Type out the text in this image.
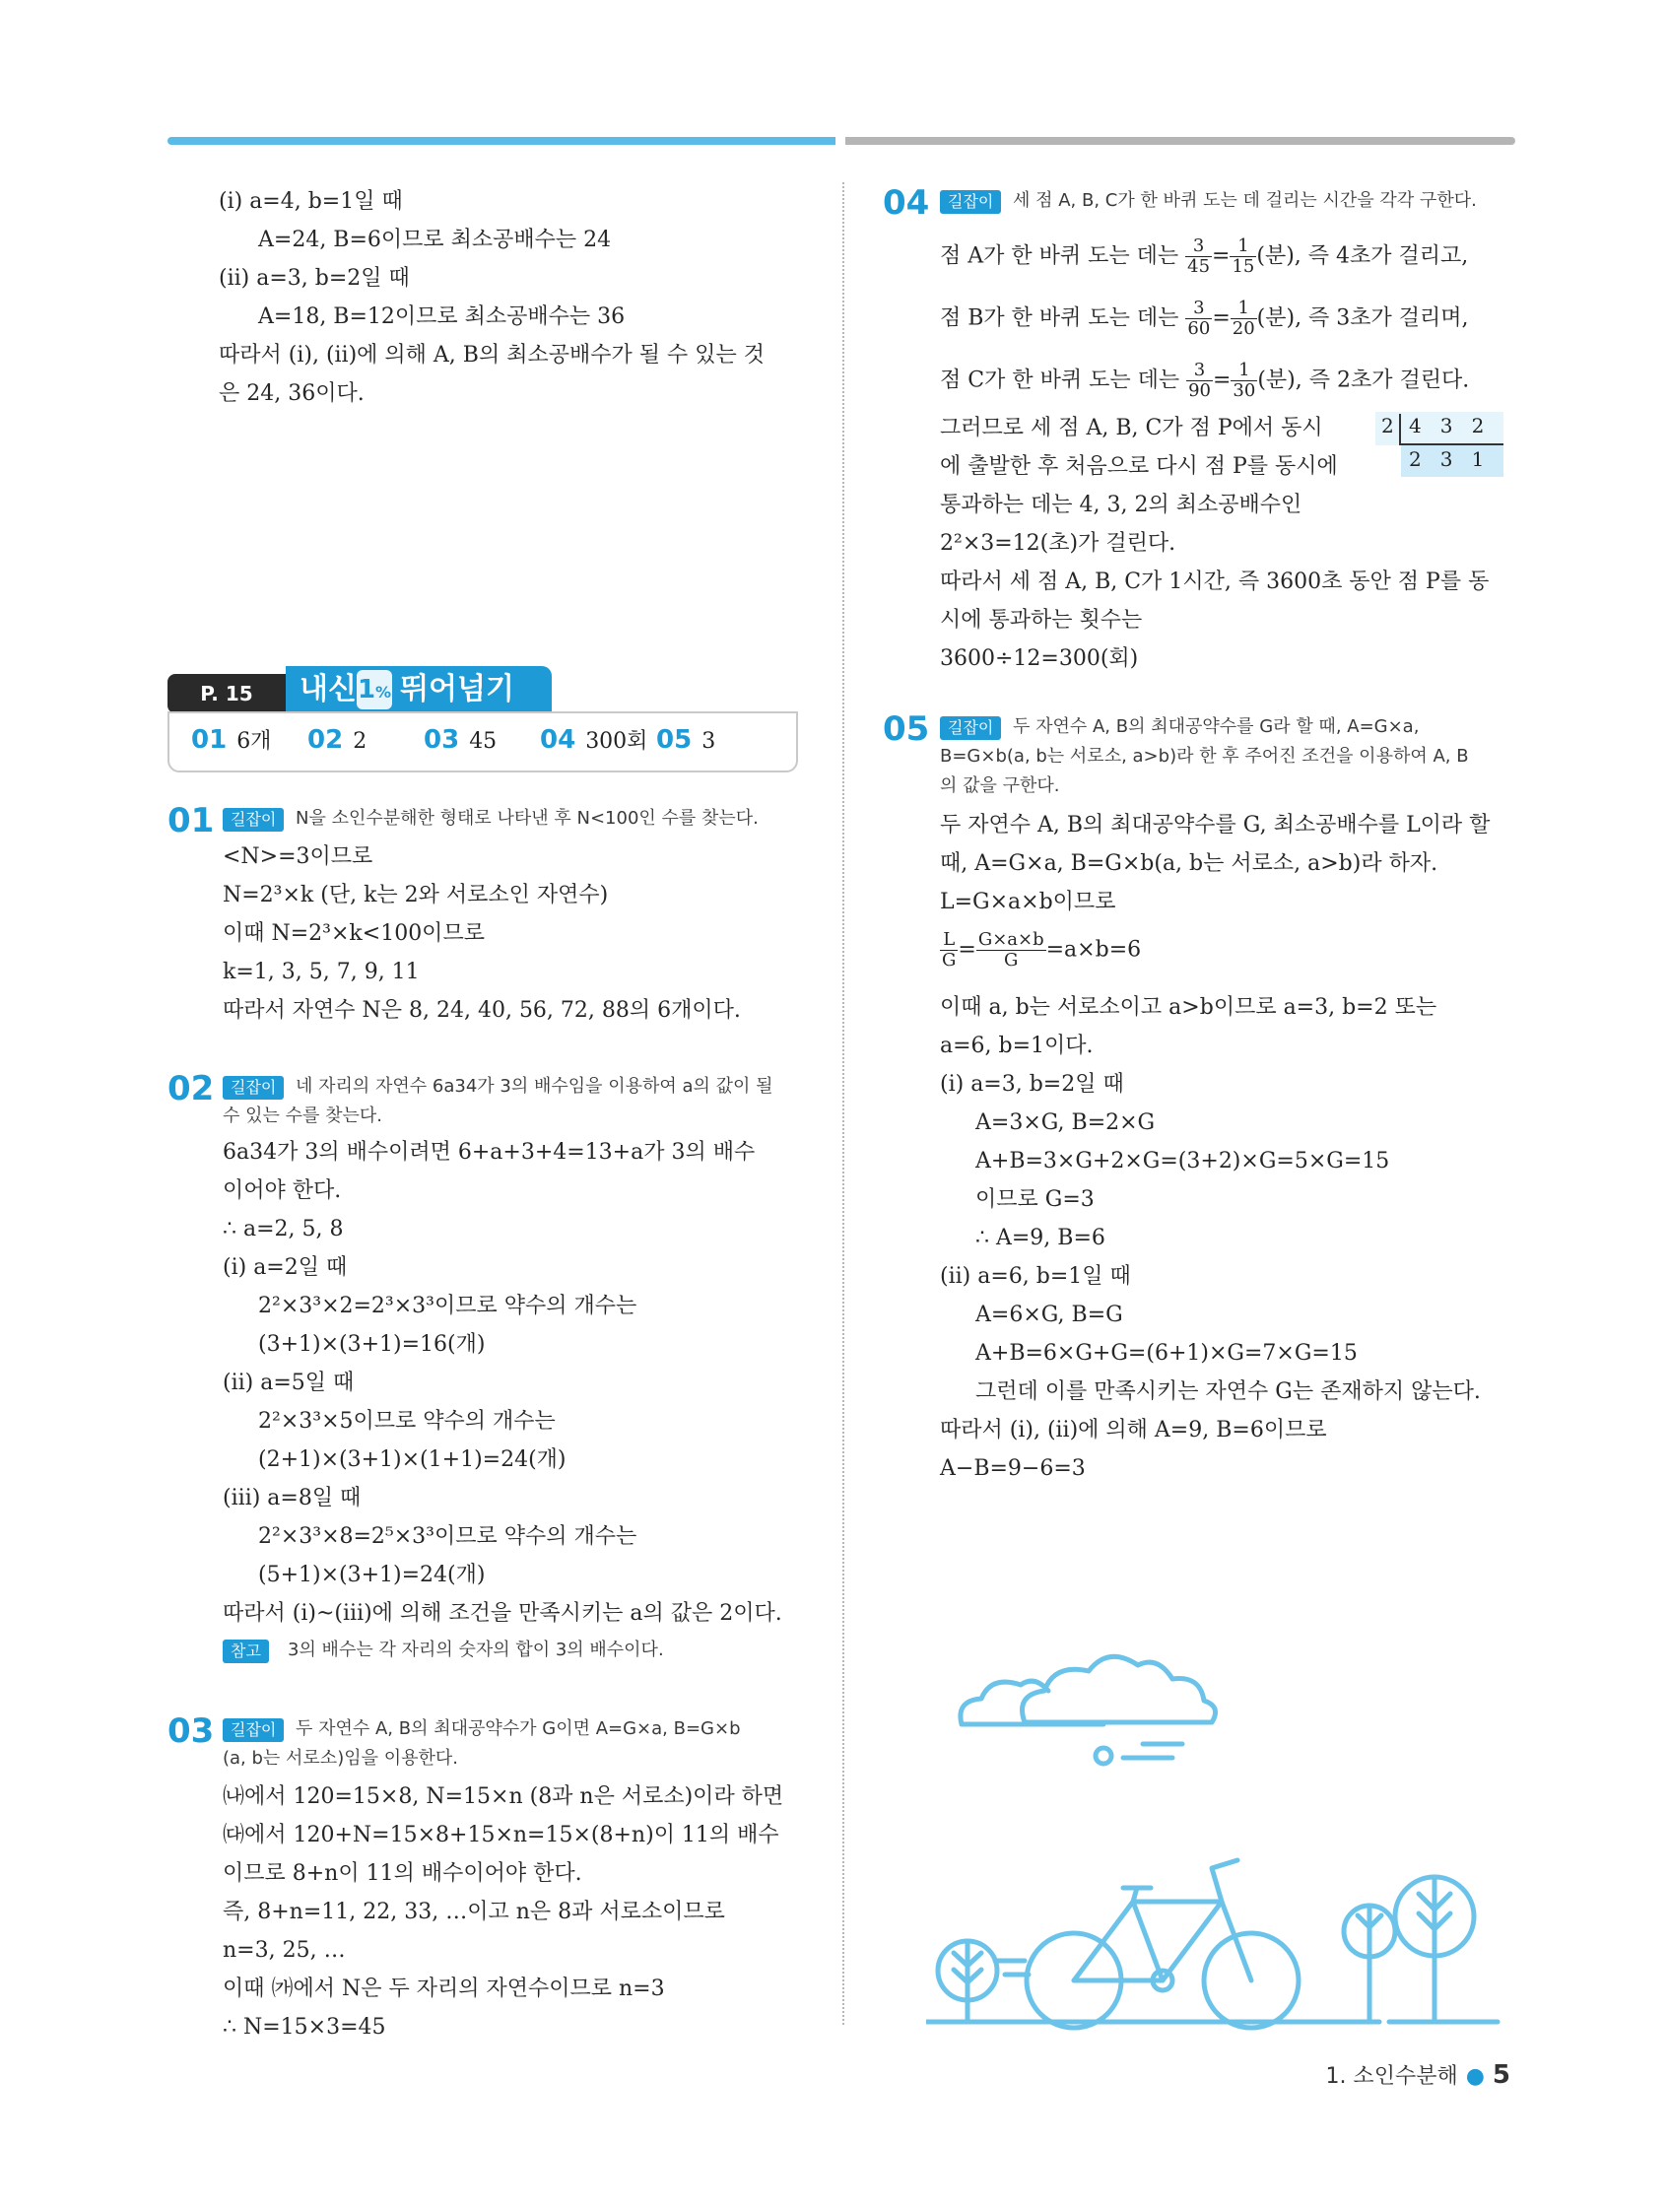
(ⅰ) a=4, b=1일 때
A=24, B=6이므로 최소공배수는 24
(ⅱ) a=3, b=2일 때
A=18, B=12이므로 최소공배수는 36
따라서 (ⅰ), (ⅱ)에 의해 A, B의 최소공배수가 될 수 있는 것
은 24, 36이다.
P. 15	내신 1% 뛰어넘기
01 6개 02 2 03 45 04 300회 05 3
01	길잡이	N을 소인수분해한 형태로 나타낸 후 N<100인 수를 찾는다.
<N>=3이므로
N=2³×k (단, k는 2와 서로소인 자연수)
이때 N=2³×k<100이므로
k=1, 3, 5, 7, 9, 11
따라서 자연수 N은 8, 24, 40, 56, 72, 88의 6개이다.
02	길잡이	네 자리의 자연수 6a34가 3의 배수임을 이용하여 a의 값이 될
수 있는 수를 찾는다.
6a34가 3의 배수이려면 6+a+3+4=13+a가 3의 배수
이어야 한다.
∴ a=2, 5, 8
(ⅰ) a=2일 때
2²×3³×2=2³×3³이므로 약수의 개수는
(3+1)×(3+1)=16(개)
(ⅱ) a=5일 때
2²×3³×5이므로 약수의 개수는
(2+1)×(3+1)×(1+1)=24(개)
(ⅲ) a=8일 때
2²×3³×8=2⁵×3³이므로 약수의 개수는
(5+1)×(3+1)=24(개)
따라서 (ⅰ)~(ⅲ)에 의해 조건을 만족시키는 a의 값은 2이다.
참고	3의 배수는 각 자리의 숫자의 합이 3의 배수이다.
03	길잡이	두 자연수 A, B의 최대공약수가 G이면 A=G×a, B=G×b
(a, b는 서로소)임을 이용한다.
㈏에서 120=15×8, N=15×n (8과 n은 서로소)이라 하면
㈐에서 120+N=15×8+15×n=15×(8+n)이 11의 배수
이므로 8+n이 11의 배수이어야 한다.
즉, 8+n=11, 22, 33, …이고 n은 8과 서로소이므로
n=3, 25, …
이때 ㈎에서 N은 두 자리의 자연수이므로 n=3
∴ N=15×3=45
04	길잡이	세 점 A, B, C가 한 바퀴 도는 데 걸리는 시간을 각각 구한다.
점 A가 한 바퀴 도는 데는 $\frac{3}{45} = \frac{1}{15}$ (분), 즉 4초가 걸리고,
점 B가 한 바퀴 도는 데는 $\frac{3}{60} = \frac{1}{20}$ (분), 즉 3초가 걸리며,
점 C가 한 바퀴 도는 데는 $\frac{3}{90} = \frac{1}{30}$ (분), 즉 2초가 걸린다.
그러므로 세 점 A, B, C가 점 P에서 동시
에 출발한 후 처음으로 다시 점 P를 동시에
통과하는 데는 4, 3, 2의 최소공배수인
2²×3=12(초)가 걸린다.
따라서 세 점 A, B, C가 1시간, 즉 3600초 동안 점 P를 동
시에 통과하는 횟수는
3600÷12=300(회)
2 4   3   2
2   3   1
05	길잡이	두 자연수 A, B의 최대공약수를 G라 할 때, A=G×a,
B=G×b(a, b는 서로소, a>b)라 한 후 주어진 조건을 이용하여 A, B
의 값을 구한다.
두 자연수 A, B의 최대공약수를 G, 최소공배수를 L이라 할
때, A=G×a, B=G×b(a, b는 서로소, a>b)라 하자.
L=G×a×b이므로
$\frac{L}{G} = \frac{G\times a\times b}{G} =a\times b=6$
이때 a, b는 서로소이고 a>b이므로 a=3, b=2 또는
a=6, b=1이다.
(ⅰ) a=3, b=2일 때
A=3×G, B=2×G
A+B=3×G+2×G=(3+2)×G=5×G=15
이므로 G=3
∴ A=9, B=6
(ⅱ) a=6, b=1일 때
A=6×G, B=G
A+B=6×G+G=(6+1)×G=7×G=15
그런데 이를 만족시키는 자연수 G는 존재하지 않는다.
따라서 (ⅰ), (ⅱ)에 의해 A=9, B=6이므로
A−B=9−6=3
1. 소인수분해 ● 5
